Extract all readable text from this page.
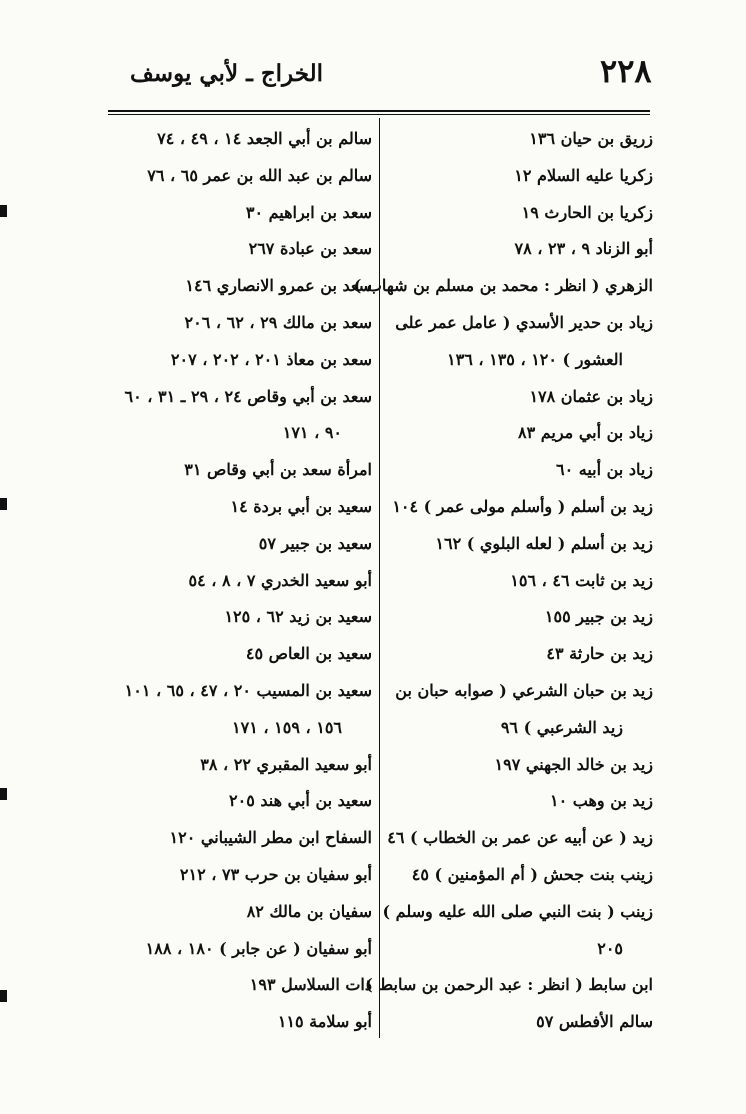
٢٢٨
الخراج ـ لأبي يوسف
زريق بن حيان ١٣٦
زكريا عليه السلام ١٢
زكريا بن الحارث ١٩
أبو الزناد ٩ ، ٢٣ ، ٧٨
الزهري ( انظر : محمد بن مسلم بن شهاب )
زياد بن حدير الأسدي ( عامل عمر على
العشور ) ١٢٠ ، ١٣٥ ، ١٣٦
زياد بن عثمان ١٧٨
زياد بن أبي مريم ٨٣
زياد بن أبيه ٦٠
زيد بن أسلم ( وأسلم مولى عمر ) ١٠٤
زيد بن أسلم ( لعله البلوي ) ١٦٢
زيد بن ثابت ٤٦ ، ١٥٦
زيد بن جبير ١٥٥
زيد بن حارثة ٤٣
زيد بن حبان الشرعي ( صوابه حبان بن
زيد الشرعبي ) ٩٦
زيد بن خالد الجهني ١٩٧
زيد بن وهب ١٠
زيد ( عن أبيه عن عمر بن الخطاب ) ٤٦
زينب بنت جحش ( أم المؤمنين ) ٤٥
زينب ( بنت النبي صلى الله عليه وسلم )
٢٠٥
ابن سابط ( انظر : عبد الرحمن بن سابط )
سالم الأفطس ٥٧
سالم بن أبي الجعد ١٤ ، ٤٩ ، ٧٤
سالم بن عبد الله بن عمر ٦٥ ، ٧٦
سعد بن ابراهيم ٣٠
سعد بن عبادة ٢٦٧
سعد بن عمرو الانصاري ١٤٦
سعد بن مالك ٢٩ ، ٦٢ ، ٢٠٦
سعد بن معاذ ٢٠١ ، ٢٠٢ ، ٢٠٧
سعد بن أبي وقاص ٢٤ ، ٢٩ ـ ٣١ ، ٦٠
٩٠ ، ١٧١
امرأة سعد بن أبي وقاص ٣١
سعيد بن أبي بردة ١٤
سعيد بن جبير ٥٧
أبو سعيد الخدري ٧ ، ٨ ، ٥٤
سعيد بن زيد ٦٢ ، ١٢٥
سعيد بن العاص ٤٥
سعيد بن المسيب ٢٠ ، ٤٧ ، ٦٥ ، ١٠١
١٥٦ ، ١٥٩ ، ١٧١
أبو سعيد المقبري ٢٢ ، ٣٨
سعيد بن أبي هند ٢٠٥
السفاح ابن مطر الشيباني ١٢٠
أبو سفيان بن حرب ٧٣ ، ٢١٢
سفيان بن مالك ٨٢
أبو سفيان ( عن جابر ) ١٨٠ ، ١٨٨
ذات السلاسل ١٩٣
أبو سلامة ١١٥
